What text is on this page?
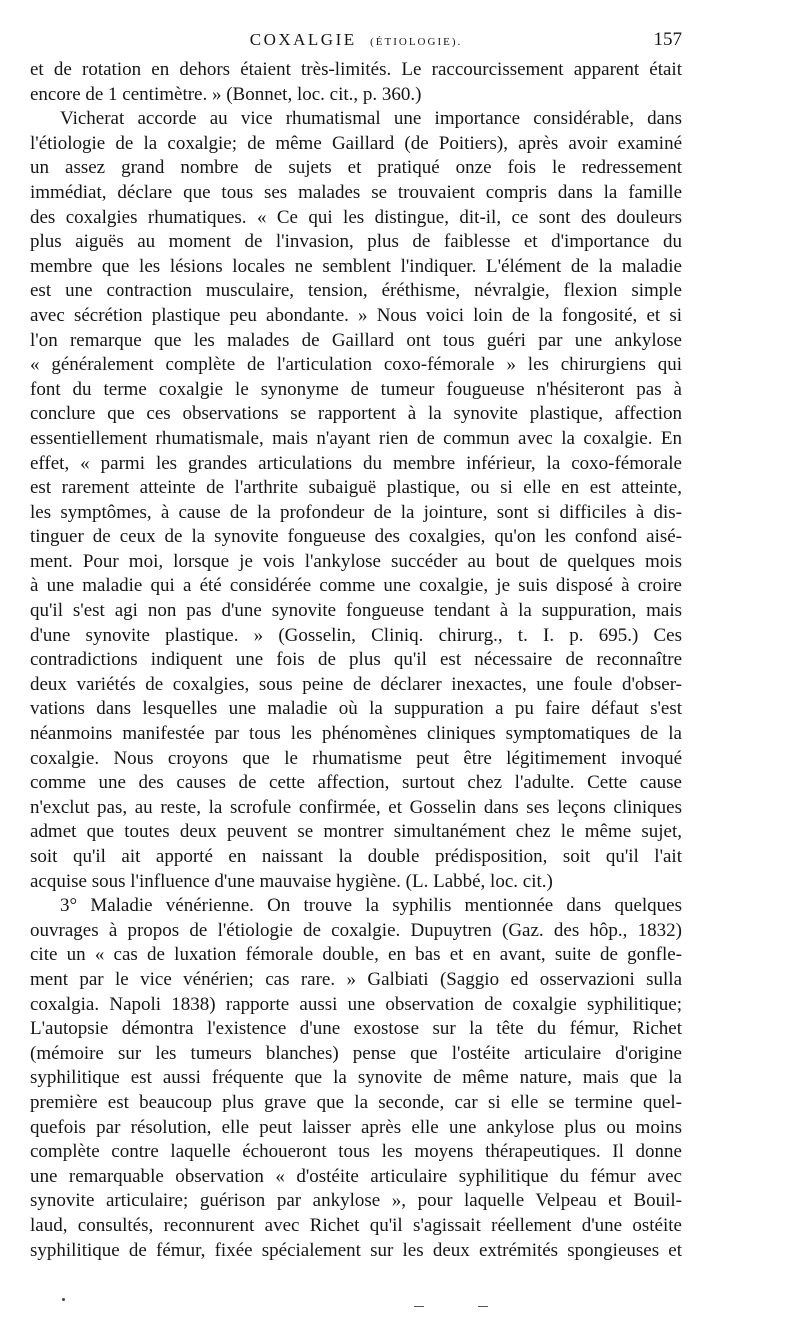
COXALGIE (ÉTIOLOGIE).	157
et de rotation en dehors étaient très-limités. Le raccourcissement apparent était
encore de 1 centimètre. » (Bonnet, loc. cit., p. 360.)
Vicherat accorde au vice rhumatismal une importance considérable, dans
l'étiologie de la coxalgie; de même Gaillard (de Poitiers), après avoir examiné
un assez grand nombre de sujets et pratiqué onze fois le redressement
immédiat, déclare que tous ses malades se trouvaient compris dans la famille
des coxalgies rhumatiques. « Ce qui les distingue, dit-il, ce sont des douleurs
plus aiguës au moment de l'invasion, plus de faiblesse et d'importance du
membre que les lésions locales ne semblent l'indiquer. L'élément de la maladie
est une contraction musculaire, tension, éréthisme, névralgie, flexion simple
avec sécrétion plastique peu abondante. » Nous voici loin de la fongosité, et si
l'on remarque que les malades de Gaillard ont tous guéri par une ankylose
« généralement complète de l'articulation coxo-fémorale » les chirurgiens qui
font du terme coxalgie le synonyme de tumeur fougueuse n'hésiteront pas à
conclure que ces observations se rapportent à la synovite plastique, affection
essentiellement rhumatismale, mais n'ayant rien de commun avec la coxalgie. En
effet, « parmi les grandes articulations du membre inférieur, la coxo-fémorale
est rarement atteinte de l'arthrite subaiguë plastique, ou si elle en est atteinte,
les symptômes, à cause de la profondeur de la jointure, sont si difficiles à dis-
tinguer de ceux de la synovite fongueuse des coxalgies, qu'on les confond aisé-
ment. Pour moi, lorsque je vois l'ankylose succéder au bout de quelques mois
à une maladie qui a été considérée comme une coxalgie, je suis disposé à croire
qu'il s'est agi non pas d'une synovite fongueuse tendant à la suppuration, mais
d'une synovite plastique. » (Gosselin, Cliniq. chirurg., t. I. p. 695.) Ces
contradictions indiquent une fois de plus qu'il est nécessaire de reconnaître
deux variétés de coxalgies, sous peine de déclarer inexactes, une foule d'obser-
vations dans lesquelles une maladie où la suppuration a pu faire défaut s'est
néanmoins manifestée par tous les phénomènes cliniques symptomatiques de la
coxalgie. Nous croyons que le rhumatisme peut être légitimement invoqué
comme une des causes de cette affection, surtout chez l'adulte. Cette cause
n'exclut pas, au reste, la scrofule confirmée, et Gosselin dans ses leçons cliniques
admet que toutes deux peuvent se montrer simultanément chez le même sujet,
soit qu'il ait apporté en naissant la double prédisposition, soit qu'il l'ait
acquise sous l'influence d'une mauvaise hygiène. (L. Labbé, loc. cit.)
3° Maladie vénérienne. On trouve la syphilis mentionnée dans quelques
ouvrages à propos de l'étiologie de coxalgie. Dupuytren (Gaz. des hôp., 1832)
cite un « cas de luxation fémorale double, en bas et en avant, suite de gonfle-
ment par le vice vénérien; cas rare. » Galbiati (Saggio ed osservazioni sulla
coxalgia. Napoli 1838) rapporte aussi une observation de coxalgie syphilitique;
L'autopsie démontra l'existence d'une exostose sur la tête du fémur, Richet
(mémoire sur les tumeurs blanches) pense que l'ostéite articulaire d'origine
syphilitique est aussi fréquente que la synovite de même nature, mais que la
première est beaucoup plus grave que la seconde, car si elle se termine quel-
quefois par résolution, elle peut laisser après elle une ankylose plus ou moins
complète contre laquelle échoueront tous les moyens thérapeutiques. Il donne
une remarquable observation « d'ostéite articulaire syphilitique du fémur avec
synovite articulaire; guérison par ankylose », pour laquelle Velpeau et Bouil-
laud, consultés, reconnurent avec Richet qu'il s'agissait réellement d'une ostéite
syphilitique de fémur, fixée spécialement sur les deux extrémités spongieuses et
